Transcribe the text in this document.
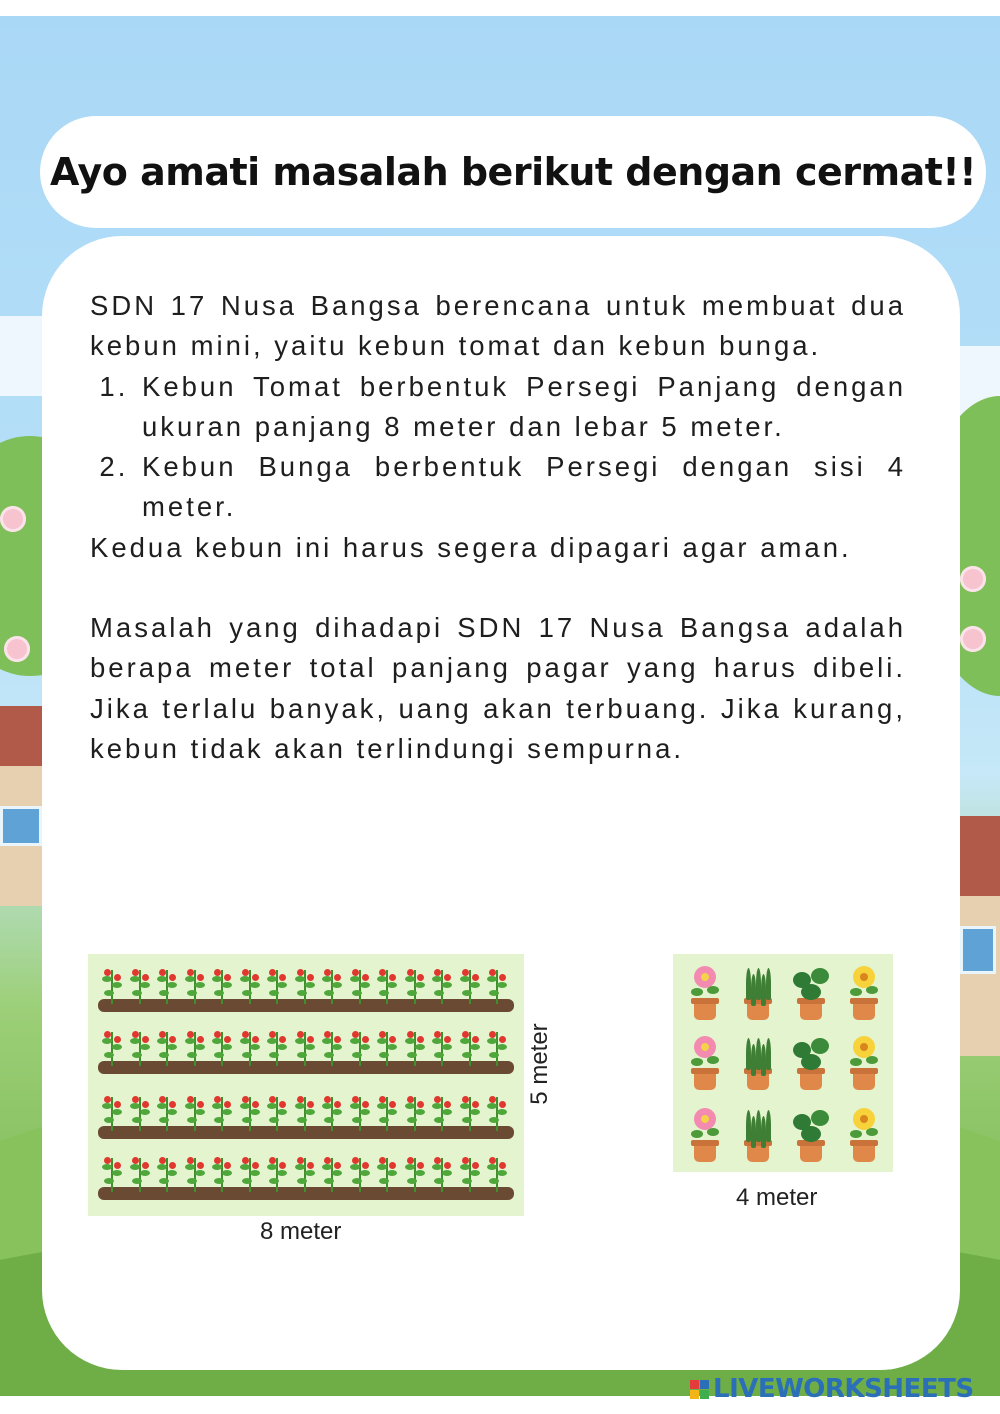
Ayo amati masalah berikut dengan cermat!!

SDN 17 Nusa Bangsa berencana untuk membuat dua kebun mini, yaitu kebun tomat dan kebun bunga.

1. Kebun Tomat berbentuk Persegi Panjang dengan ukuran panjang 8 meter dan lebar 5 meter.
2. Kebun Bunga berbentuk Persegi dengan sisi 4 meter.

Kedua kebun ini harus segera dipagari agar aman.

Masalah yang dihadapi SDN 17 Nusa Bangsa adalah berapa meter total panjang pagar yang harus dibeli. Jika terlalu banyak, uang akan terbuang. Jika kurang, kebun tidak akan terlindungi sempurna.

5 meter
8 meter
4 meter
LIVEWORKSHEETS
